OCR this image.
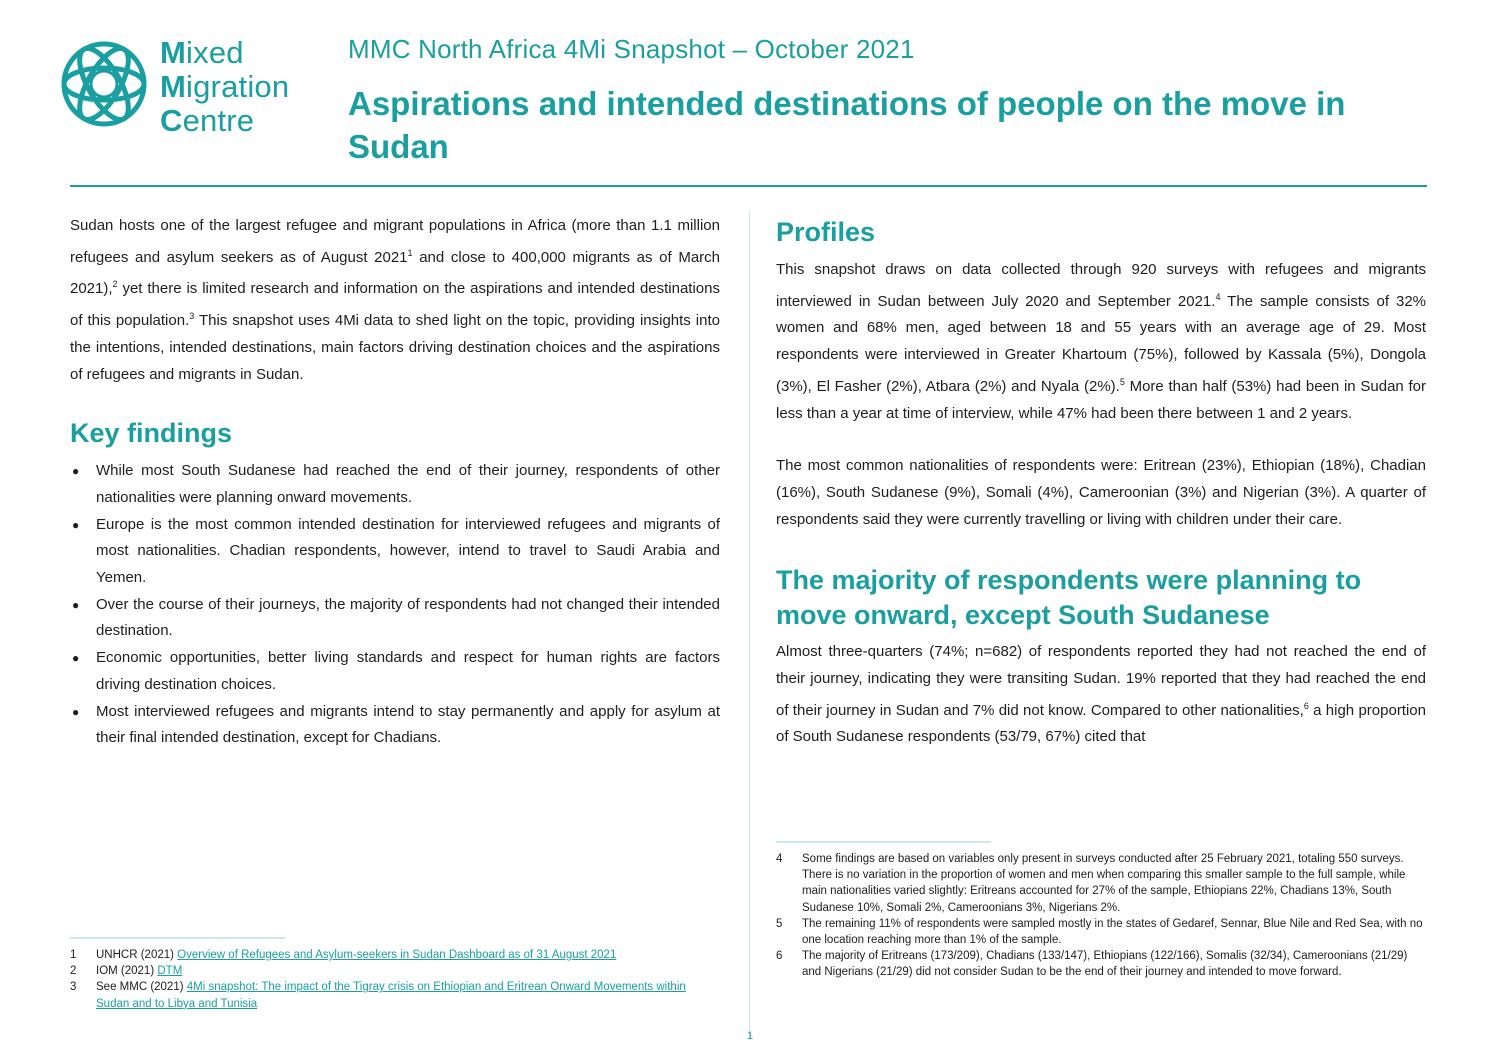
Mixed
Migration
Centre
MMC North Africa 4Mi Snapshot – October 2021
Aspirations and intended destinations of people on the move in Sudan

Sudan hosts one of the largest refugee and migrant populations in Africa (more than 1.1 million refugees and asylum seekers as of August 2021$^1$ and close to 400,000 migrants as of March 2021),$^2$ yet there is limited research and information on the aspirations and intended destinations of this population.$^3$ This snapshot uses 4Mi data to shed light on the topic, providing insights into the intentions, intended destinations, main factors driving destination choices and the aspirations of refugees and migrants in Sudan.

Key findings
● While most South Sudanese had reached the end of their journey, respondents of other nationalities were planning onward movements.
● Europe is the most common intended destination for interviewed refugees and migrants of most nationalities. Chadian respondents, however, intend to travel to Saudi Arabia and Yemen.
● Over the course of their journeys, the majority of respondents had not changed their intended destination.
● Economic opportunities, better living standards and respect for human rights are factors driving destination choices.
● Most interviewed refugees and migrants intend to stay permanently and apply for asylum at their final intended destination, except for Chadians.
1	UNHCR (2021) Overview of Refugees and Asylum-seekers in Sudan Dashboard as of 31 August 2021
2	IOM (2021) DTM
3	See MMC (2021) 4Mi snapshot: The impact of the Tigray crisis on Ethiopian and Eritrean Onward Movements within Sudan and to Libya and Tunisia
Profiles

This snapshot draws on data collected through 920 surveys with refugees and migrants interviewed in Sudan between July 2020 and September 2021.$^4$ The sample consists of 32% women and 68% men, aged between 18 and 55 years with an average age of 29. Most respondents were interviewed in Greater Khartoum (75%), followed by Kassala (5%), Dongola (3%), El Fasher (2%), Atbara (2%) and Nyala (2%).$^5$ More than half (53%) had been in Sudan for less than a year at time of interview, while 47% had been there between 1 and 2 years.

The most common nationalities of respondents were: Eritrean (23%), Ethiopian (18%), Chadian (16%), South Sudanese (9%), Somali (4%), Cameroonian (3%) and Nigerian (3%). A quarter of respondents said they were currently travelling or living with children under their care.

The majority of respondents were planning to move onward, except South Sudanese

Almost three-quarters (74%; n=682) of respondents reported they had not reached the end of their journey, indicating they were transiting Sudan. 19% reported that they had reached the end of their journey in Sudan and 7% did not know. Compared to other nationalities,$^6$ a high proportion of South Sudanese respondents (53/79, 67%) cited that

4	Some findings are based on variables only present in surveys conducted after 25 February 2021, totaling 550 surveys. There is no variation in the proportion of women and men when comparing this smaller sample to the full sample, while main nationalities varied slightly: Eritreans accounted for 27% of the sample, Ethiopians 22%, Chadians 13%, South Sudanese 10%, Somali 2%, Cameroonians 3%, Nigerians 2%.
5	The remaining 11% of respondents were sampled mostly in the states of Gedaref, Sennar, Blue Nile and Red Sea, with no one location reaching more than 1% of the sample.
6	The majority of Eritreans (173/209), Chadians (133/147), Ethiopians (122/166), Somalis (32/34), Cameroonians (21/29) and Nigerians (21/29) did not consider Sudan to be the end of their journey and intended to move forward.
1
